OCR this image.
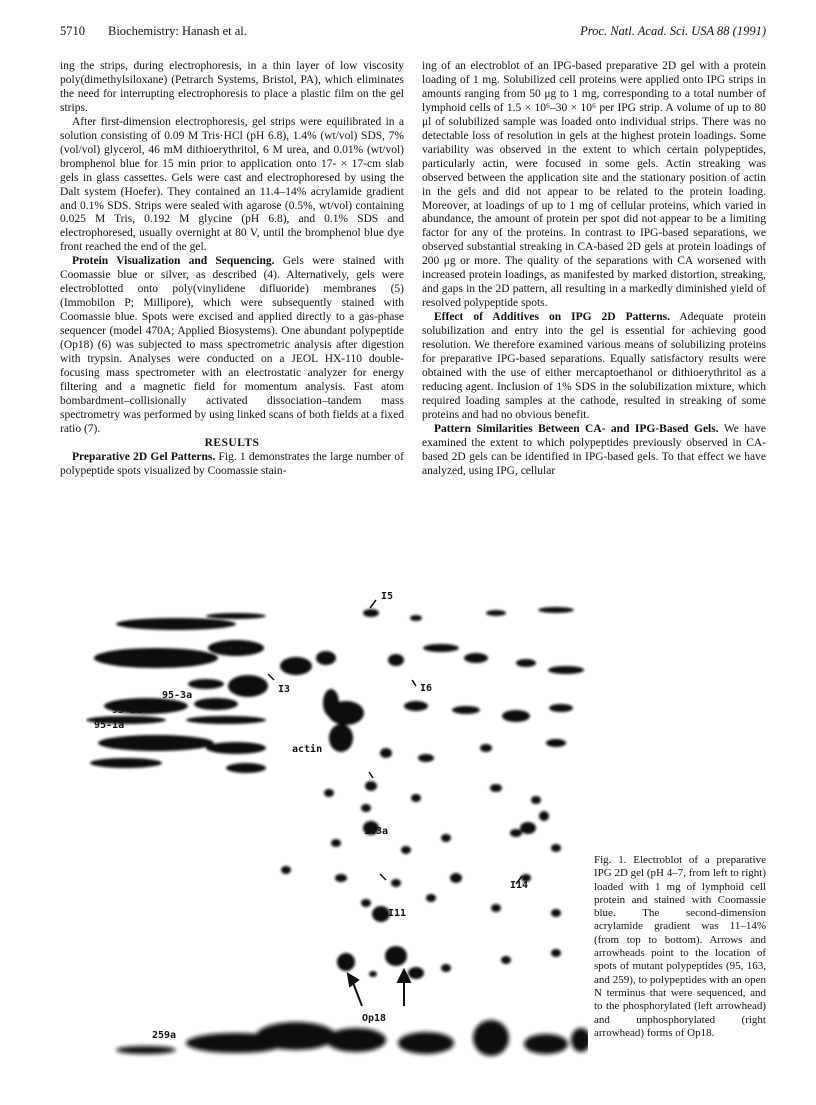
5710 Biochemistry: Hanash et al.	Proc. Natl. Acad. Sci. USA 88 (1991)

ing the strips, during electrophoresis, in a thin layer of low viscosity poly(dimethylsiloxane) (Petrarch Systems, Bristol, PA), which eliminates the need for interrupting electrophoresis to place a plastic film on the gel strips.

After first-dimension electrophoresis, gel strips were equilibrated in a solution consisting of 0.09 M Tris·HCl (pH 6.8), 1.4% (wt/vol) SDS, 7% (vol/vol) glycerol, 46 mM dithioerythritol, 6 M urea, and 0.01% (wt/vol) bromphenol blue for 15 min prior to application onto 17- × 17-cm slab gels in glass cassettes. Gels were cast and electrophoresed by using the Dalt system (Hoefer). They contained an 11.4–14% acrylamide gradient and 0.1% SDS. Strips were sealed with agarose (0.5%, wt/vol) containing 0.025 M Tris, 0.192 M glycine (pH 6.8), and 0.1% SDS and electrophoresed, usually overnight at 80 V, until the bromphenol blue dye front reached the end of the gel.

Protein Visualization and Sequencing. Gels were stained with Coomassie blue or silver, as described (4). Alternatively, gels were electroblotted onto poly(vinylidene difluoride) membranes (5) (Immobilon P; Millipore), which were subsequently stained with Coomassie blue. Spots were excised and applied directly to a gas-phase sequencer (model 470A; Applied Biosystems). One abundant polypeptide (Op18) (6) was subjected to mass spectrometric analysis after digestion with trypsin. Analyses were conducted on a JEOL HX-110 double-focusing mass spectrometer with an electrostatic analyzer for energy filtering and a magnetic field for momentum analysis. Fast atom bombardment–collisionally activated dissociation–tandem mass spectrometry was performed by using linked scans of both fields at a fixed ratio (7).

RESULTS

Preparative 2D Gel Patterns. Fig. 1 demonstrates the large number of polypeptide spots visualized by Coomassie stain-

ing of an electroblot of an IPG-based preparative 2D gel with a protein loading of 1 mg. Solubilized cell proteins were applied onto IPG strips in amounts ranging from 50 μg to 1 mg, corresponding to a total number of lymphoid cells of 1.5 × 10⁶–30 × 10⁶ per IPG strip. A volume of up to 80 μl of solubilized sample was loaded onto individual strips. There was no detectable loss of resolution in gels at the highest protein loadings. Some variability was observed in the extent to which certain polypeptides, particularly actin, were focused in some gels. Actin streaking was observed between the application site and the stationary position of actin in the gels and did not appear to be related to the protein loading. Moreover, at loadings of up to 1 mg of cellular proteins, which varied in abundance, the amount of protein per spot did not appear to be a limiting factor for any of the proteins. In contrast to IPG-based separations, we observed substantial streaking in CA-based 2D gels at protein loadings of 200 μg or more. The quality of the separations with CA worsened with increased protein loadings, as manifested by marked distortion, streaking, and gaps in the 2D pattern, all resulting in a markedly diminished yield of resolved polypeptide spots.

Effect of Additives on IPG 2D Patterns. Adequate protein solubilization and entry into the gel is essential for achieving good resolution. We therefore examined various means of solubilizing proteins for preparative IPG-based separations. Equally satisfactory results were obtained with the use of either mercaptoethanol or dithioerythritol as a reducing agent. Inclusion of 1% SDS in the solubilization mixture, which required loading samples at the cathode, resulted in streaking of some proteins and had no obvious benefit.

Pattern Similarities Between CA- and IPG-Based Gels. We have examined the extent to which polypeptides previously observed in CA-based 2D gels can be identified in IPG-based gels. To that effect we have analyzed, using IPG, cellular

I5
I3	I6
95-3a
95-2a
95-1a
actin
163a
I14
I11
Op18
259a
Fig. 1. Electroblot of a preparative IPG 2D gel (pH 4–7, from left to right) loaded with 1 mg of lymphoid cell protein and stained with Coomassie blue. The second-dimension acrylamide gradient was 11–14% (from top to bottom). Arrows and arrowheads point to the location of spots of mutant polypeptides (95, 163, and 259), to polypeptides with an open N terminus that were sequenced, and to the phosphorylated (left arrowhead) and unphosphorylated (right arrowhead) forms of Op18.
